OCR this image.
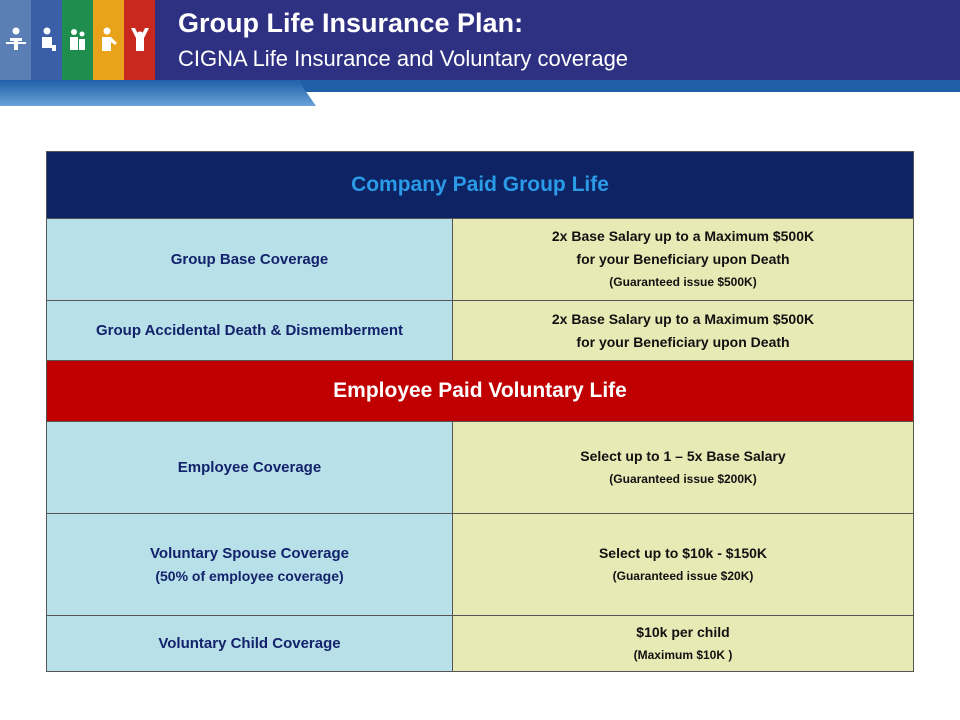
Group Life Insurance Plan:
CIGNA Life Insurance and Voluntary coverage
Company Paid Group Life	
Group Base Coverage	2x Base Salary up to a Maximum $500K
for your Beneficiary upon Death
(Guaranteed issue $500K)

Group Accidental Death & Dismemberment	2x Base Salary up to a Maximum $500K
for your Beneficiary upon Death

Employee Paid Voluntary Life	
Employee Coverage	Select up to 1 – 5x Base Salary
(Guaranteed issue $200K)

Voluntary Spouse Coverage
(50% of employee coverage)	Select up to $10k - $150K
(Guaranteed issue $20K)

Voluntary Child Coverage	$10k per child
(Maximum $10K )
